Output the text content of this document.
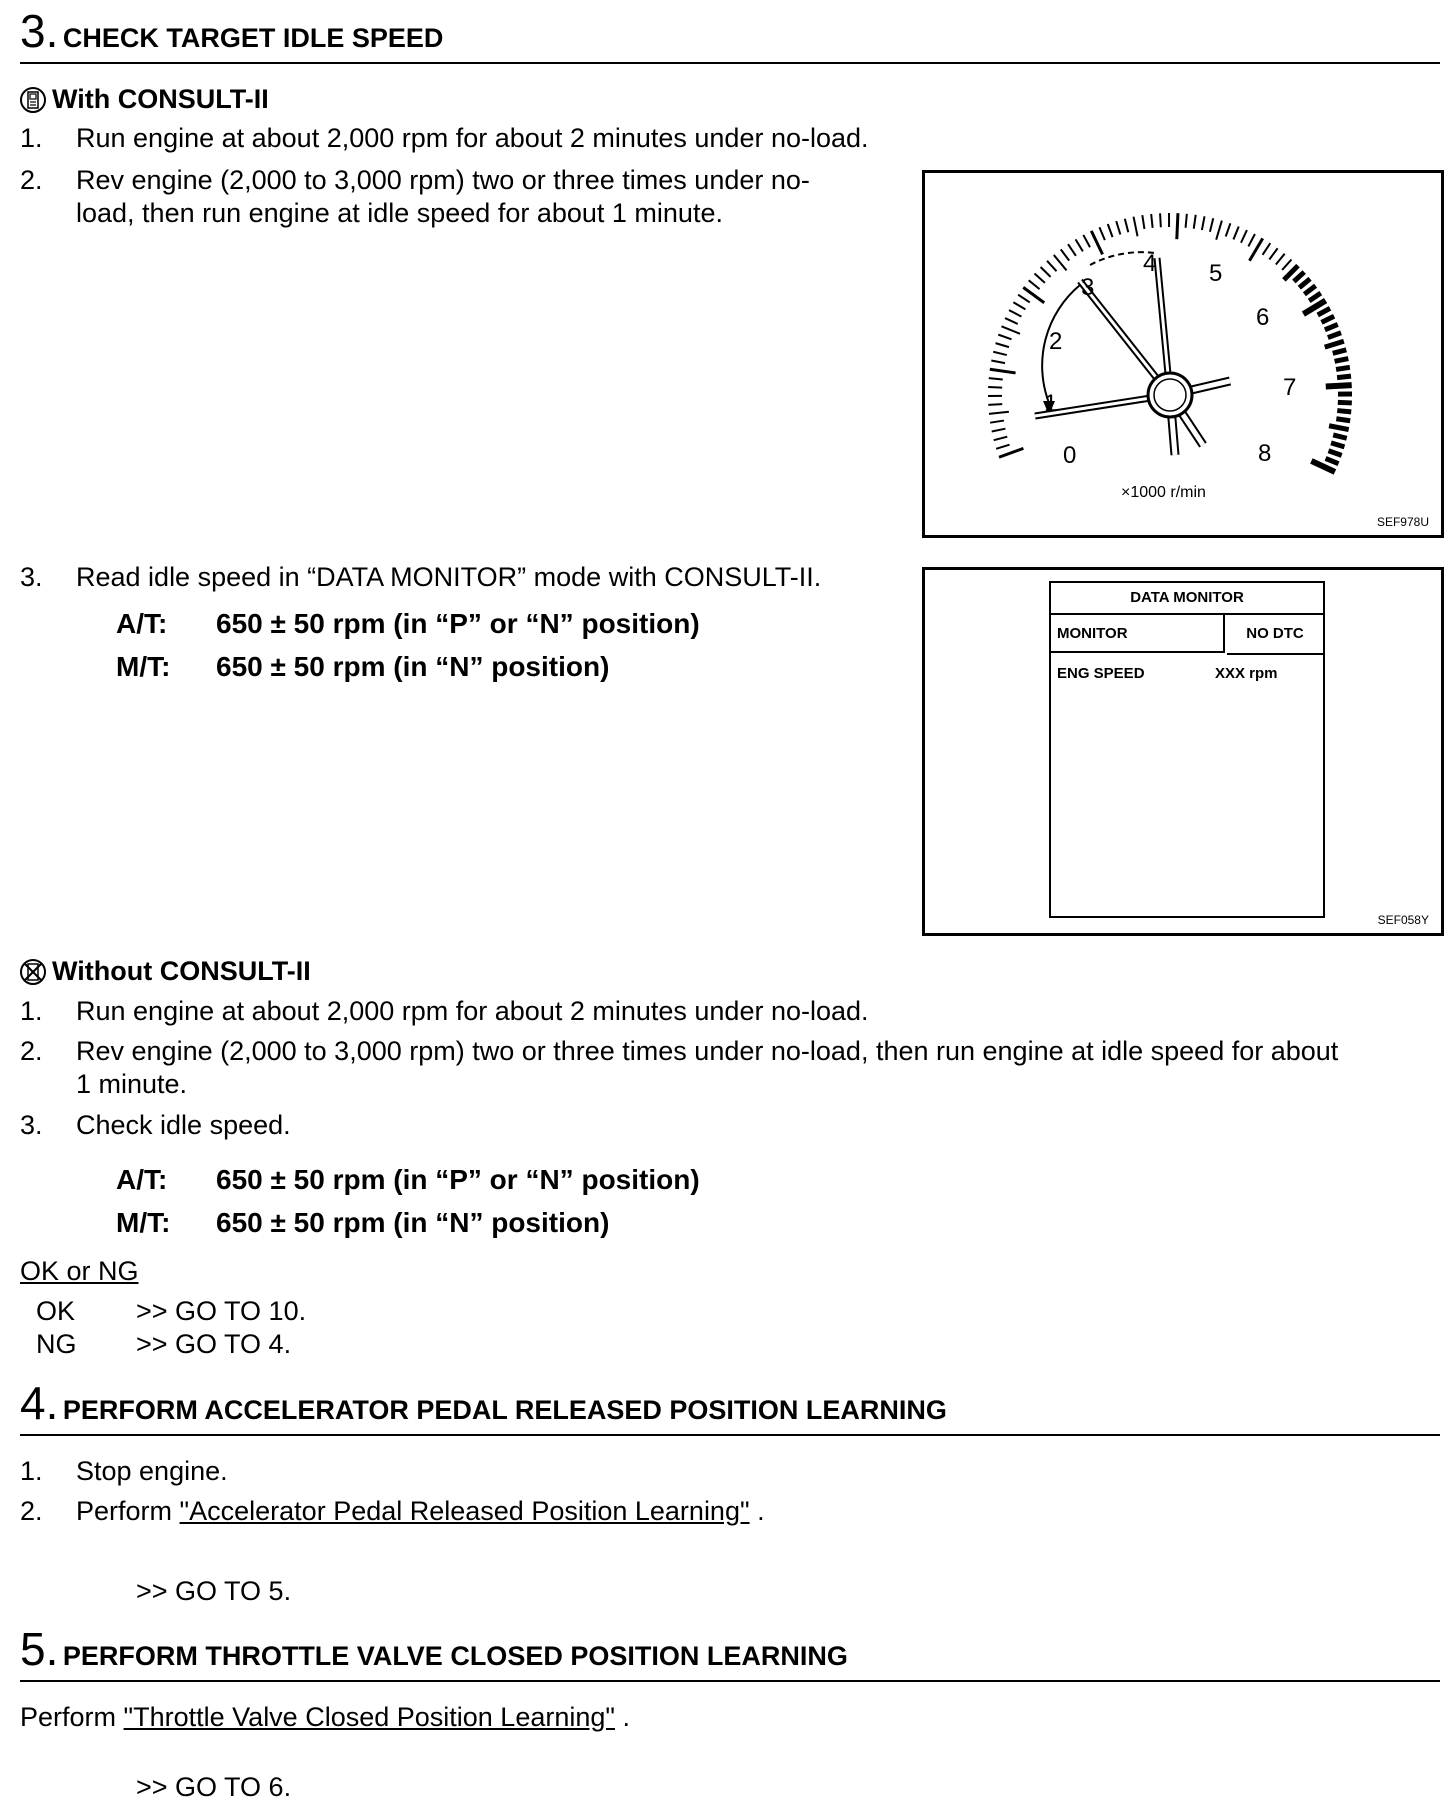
3. CHECK TARGET IDLE SPEED
With CONSULT-II
1. Run engine at about 2,000 rpm for about 2 minutes under no-load.
2. Rev engine (2,000 to 3,000 rpm) two or three times under no-
load, then run engine at idle speed for about 1 minute.
0
1
2
3
4 5
6
7
8
×1000 r/min
SEF978U
3. Read idle speed in “DATA MONITOR” mode with CONSULT-II.
A/T: 650 ± 50 rpm (in “P” or “N” position)
M/T: 650 ± 50 rpm (in “N” position)
DATA MONITOR
MONITOR	NO DTC
ENG SPEED	XXX rpm
SEF058Y
Without CONSULT-II
1. Run engine at about 2,000 rpm for about 2 minutes under no-load.
2. Rev engine (2,000 to 3,000 rpm) two or three times under no-load, then run engine at idle speed for about
1 minute.
3. Check idle speed.
A/T: 650 ± 50 rpm (in “P” or “N” position)
M/T: 650 ± 50 rpm (in “N” position)
OK or NG
OK >> GO TO 10.
NG >> GO TO 4.
4. PERFORM ACCELERATOR PEDAL RELEASED POSITION LEARNING
1. Stop engine.
2. Perform "Accelerator Pedal Released Position Learning" .
>> GO TO 5.
5. PERFORM THROTTLE VALVE CLOSED POSITION LEARNING
Perform "Throttle Valve Closed Position Learning" .
>> GO TO 6.
